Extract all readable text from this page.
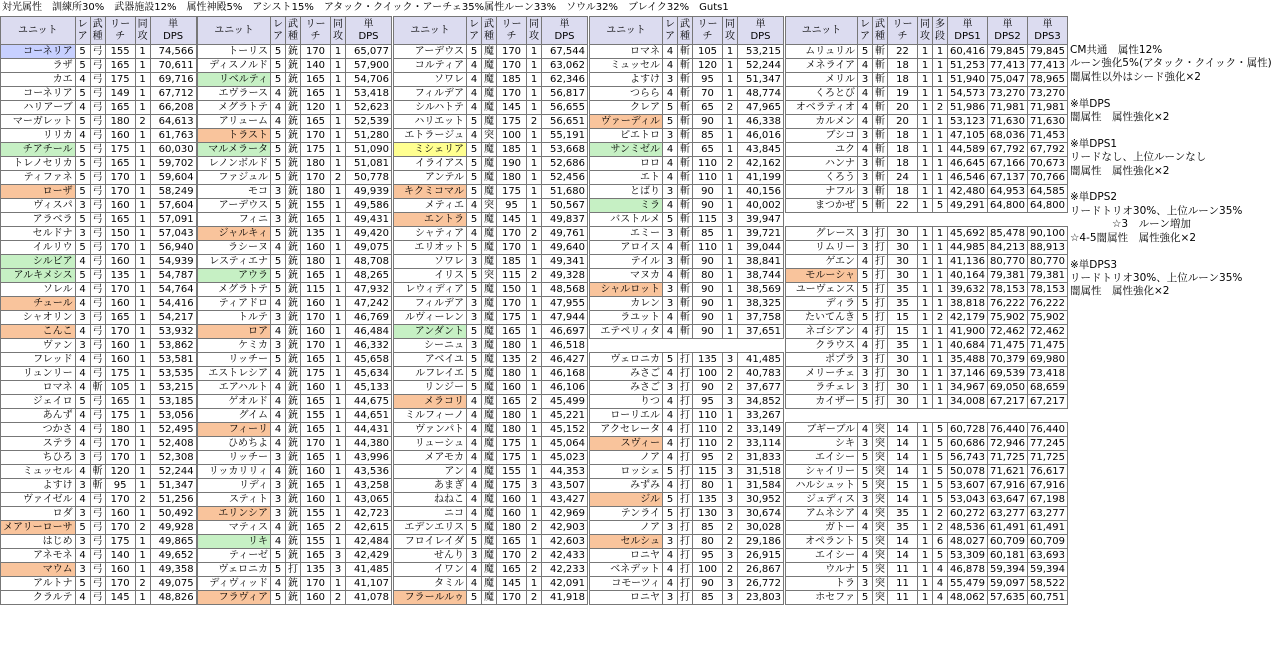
対光属性　訓練所30%　武器施設12%　属性神殿5%　アシスト15%　アタック・クイック・アーチェ35%属性ルーン33%　ソウル32%　ブレイク32%　Guts1
ユニット	レア	武種	リーチ	同攻	単
DPS
コーネリア	5	弓	155	1	74,566
ラザ	5	弓	165	1	70,611
カエ	4	弓	175	1	69,716
コーネリア	5	弓	149	1	67,712
ハリアーブ	4	弓	165	1	66,208
マーガレット	5	弓	180	2	64,613
リリカ	4	弓	160	1	61,763
チアチール	5	弓	175	1	60,030
トレノセリカ	5	弓	165	1	59,702
ティファネ	5	弓	170	1	59,604
ローザ	5	弓	170	1	58,249
ヴィスパ	3	弓	160	1	57,604
アラベラ	5	弓	165	1	57,091
セルドナ	3	弓	150	1	57,043
イルリウ	5	弓	170	1	56,940
シルビア	4	弓	160	1	54,939
アルキメシス	5	弓	135	1	54,787
ソレル	4	弓	170	1	54,764
チュール	4	弓	160	1	54,416
シャオリン	3	弓	165	1	54,217
こんこ	4	弓	170	1	53,932
ヴァン	3	弓	160	1	53,862
フレッド	4	弓	160	1	53,581
リュンリー	4	弓	175	1	53,535
ロマネ	4	斬	105	1	53,215
ジェイロ	5	弓	165	1	53,185
あんず	4	弓	175	1	53,056
つかさ	4	弓	180	1	52,495
ステラ	4	弓	170	1	52,408
ちひろ	3	弓	170	1	52,308
ミュッセル	4	斬	120	1	52,244
よすけ	3	斬	95	1	51,347
ヴァイゼル	4	弓	170	2	51,256
ロダ	3	弓	160	1	50,492
メアリーローサ	5	弓	170	2	49,928
はじめ	3	弓	175	1	49,865
アネモネ	4	弓	140	1	49,652
マウム	3	弓	160	1	49,358
アルトナ	5	弓	170	2	49,075
クラルテ	4	弓	145	1	48,826
ユニット	レア	武種	リーチ	同攻	単
DPS
トーリス	5	銃	170	1	65,077
ディスノルド	5	銃	140	1	57,900
リベルティ	5	銃	165	1	54,706
エヴラース	4	銃	165	1	53,418
メグラトテ	4	銃	120	1	52,623
アリューム	4	銃	165	1	52,539
トラスト	5	銃	170	1	51,280
マルメラータ	5	銃	175	1	51,090
レノンボルド	5	銃	180	1	51,081
ファジュル	5	銃	170	2	50,778
モコ	3	銃	180	1	49,939
アーデウス	5	銃	155	1	49,586
フィニ	3	銃	165	1	49,431
ジャルキィ	5	銃	135	1	49,420
ラシーヌ	4	銃	160	1	49,075
レスティエナ	5	銃	180	1	48,708
アウラ	5	銃	165	1	48,265
メグラトテ	5	銃	115	1	47,932
ティアドロ	4	銃	160	1	47,242
トルテ	3	銃	170	1	46,769
ロア	4	銃	160	1	46,484
ケミカ	3	銃	170	1	46,332
リッチー	5	銃	165	1	45,658
エストレシア	4	銃	175	1	45,634
エアハルト	4	銃	160	1	45,133
ゲオルド	4	銃	165	1	44,675
グイム	4	銃	155	1	44,651
フィーリ	4	銃	165	1	44,431
ひめちよ	4	銃	170	1	44,380
リッチー	3	銃	165	1	43,996
リッカリリィ	4	銃	160	1	43,536
リディ	3	銃	165	1	43,258
スティト	3	銃	160	1	43,065
エリンシア	3	銃	155	1	42,723
マティス	4	銃	165	2	42,615
リキ	4	銃	155	1	42,484
ティーゼ	5	銃	165	3	42,429
ヴェロニカ	5	打	135	3	41,485
ディヴィッド	4	銃	170	1	41,107
フラヴィア	5	銃	160	2	41,078
ユニット	レア	武種	リーチ	同攻	単
DPS
アーデウス	5	魔	170	1	67,544
コルティア	4	魔	170	1	63,062
ソワレ	4	魔	185	1	62,346
フィルデア	4	魔	170	1	56,817
シルハトテ	4	魔	145	1	56,655
ハリエット	5	魔	175	2	56,651
エトラージュ	4	突	100	1	55,191
ミシェリア	5	魔	185	1	53,668
イライアス	5	魔	190	1	52,686
アンテル	5	魔	180	1	52,456
キクミコマル	5	魔	175	1	51,680
メティエ	4	突	95	1	50,567
エントラ	5	魔	145	1	49,837
シャティア	4	魔	170	2	49,761
エリオット	5	魔	170	1	49,640
ソワレ	3	魔	185	1	49,341
イリス	5	突	115	2	49,328
レウィディア	5	魔	150	1	48,568
フィルデア	3	魔	170	1	47,955
ルヴィーレン	3	魔	175	1	47,944
アンダント	5	魔	165	1	46,697
シーニュ	3	魔	180	1	46,518
アベイユ	5	魔	135	2	46,427
ルフレイエ	5	魔	180	1	46,168
リンジー	5	魔	160	1	46,106
メラコリ	4	魔	165	2	45,499
ミルフィーノ	4	魔	180	1	45,221
ヴァンパト	4	魔	180	1	45,152
リューシュ	4	魔	175	1	45,064
メアモカ	4	魔	175	1	45,023
アン	4	魔	155	1	44,353
あまぎ	4	魔	175	3	43,507
ねねこ	4	魔	160	1	43,427
ニコ	4	魔	160	1	42,969
エデンエリス	5	魔	180	2	42,903
フロイレイダ	5	魔	165	1	42,603
せんり	3	魔	170	2	42,433
イワン	4	魔	165	2	42,233
タミル	4	魔	145	1	42,091
フラールルゥ	5	魔	170	2	41,918
ユニット	レア	武種	リーチ	同攻	単
DPS
ロマネ	4	斬	105	1	53,215
ミュッセル	4	斬	120	1	52,244
よすけ	3	斬	95	1	51,347
つらら	4	斬	70	1	48,774
クレア	5	斬	65	2	47,965
ヴァーディル	5	斬	90	1	46,338
ピエトロ	3	斬	85	1	46,016
サンミゼル	4	斬	65	1	43,845
ロロ	4	斬	110	2	42,162
エト	4	斬	110	1	41,199
とばり	3	斬	90	1	40,156
ミラ	4	斬	90	1	40,002
バストルメ	5	斬	115	3	39,947
エミー	3	斬	85	1	39,721
アロイス	4	斬	110	1	39,044
テイル	3	斬	90	1	38,841
マヌカ	4	斬	80	1	38,744
シャルロット	3	斬	90	1	38,569
カレン	3	斬	90	1	38,325
ラユット	4	斬	90	1	37,758
エテペリィタ	4	斬	90	1	37,651

ヴェロニカ	5	打	135	3	41,485
みさご	4	打	100	2	40,783
みさご	3	打	90	2	37,677
りつ	4	打	95	3	34,852
ローリエル	4	打	110	1	33,267
アクセレータ	4	打	110	2	33,149
スヴィー	4	打	110	2	33,114
ノア	4	打	95	2	31,833
ロッシェ	5	打	115	3	31,518
みずみ	4	打	80	1	31,584
ジル	5	打	135	3	30,952
テンライ	5	打	130	3	30,674
ノア	3	打	85	2	30,028
セルシュ	3	打	80	2	29,186
ロニヤ	4	打	95	3	26,915
ベネデット	4	打	100	2	26,867
コモーツィ	4	打	90	3	26,772
ロニヤ	3	打	85	3	23,803
ユニット	レア	武種	リーチ	同攻	多段	単
DPS1	単
DPS2	単
DPS3
ムリュリル	5	斬	22	1	1	60,416	79,845	79,845
メネライア	4	斬	18	1	1	51,253	77,413	77,413
メリル	3	斬	18	1	1	51,940	75,047	78,965
くろとび	4	斬	19	1	1	54,573	73,270	73,270
オベラティオ	4	斬	20	1	2	51,986	71,981	71,981
カルメン	4	斬	20	1	1	53,123	71,630	71,630
ブシコ	3	斬	18	1	1	47,105	68,036	71,453
ユク	4	斬	18	1	1	44,589	67,792	67,792
ハンナ	3	斬	18	1	1	46,645	67,166	70,673
くろう	3	斬	24	1	1	46,546	67,137	70,766
ナフル	3	斬	18	1	1	42,480	64,953	64,585
まつかぜ	5	斬	22	1	5	49,291	64,800	64,800

グレース	3	打	30	1	1	45,692	85,478	90,100
リムリー	3	打	30	1	1	44,985	84,213	88,913
ゲエン	4	打	30	1	1	41,136	80,770	80,770
モルーシャ	5	打	30	1	1	40,164	79,381	79,381
ユーヴェンス	5	打	35	1	1	39,632	78,153	78,153
ディラ	5	打	35	1	1	38,818	76,222	76,222
たいてんき	5	打	15	1	2	42,179	75,902	75,902
ネゴシアン	4	打	15	1	1	41,900	72,462	72,462
クラウス	4	打	35	1	1	40,684	71,475	71,475
ポプラ	3	打	30	1	1	35,488	70,379	69,980
メリーチェ	3	打	30	1	1	37,146	69,539	73,418
ラチェレ	3	打	30	1	1	34,967	69,050	68,659
カイザー	5	打	30	1	1	34,008	67,217	67,217

ブギーブル	4	突	14	1	5	60,728	76,440	76,440
シキ	3	突	14	1	5	60,686	72,946	77,245
エイシー	5	突	14	1	5	56,743	71,725	71,725
シャイリー	5	突	14	1	5	50,078	71,621	76,617
ハルシュット	5	突	15	1	5	53,607	67,916	67,916
ジュディス	3	突	14	1	5	53,043	63,647	67,198
アムネシア	4	突	35	1	2	60,272	63,277	63,277
ガトー	4	突	35	1	2	48,536	61,491	61,491
オペラント	5	突	14	1	6	48,027	60,709	60,709
エイシー	4	突	14	1	5	53,309	60,181	63,693
ウルナ	5	突	11	1	4	46,878	59,394	59,394
トラ	3	突	11	1	4	55,479	59,097	58,522
ホセファ	5	突	11	1	4	48,062	57,635	60,751
CM共通　属性12%
ルーン強化5%(アタック・クイック・属性)
闇属性以外はシード強化×2

※単DPS
闇属性　属性強化×2

※単DPS1
リードなし、上位ルーンなし
闇属性　属性強化×2

※単DPS2
リードトリオ30%、上位ルーン35%
　　　　☆3　ルーン増加
☆4-5闇属性　属性強化×2

※単DPS3
リードトリオ30%、上位ルーン35%
闇属性　属性強化×2
